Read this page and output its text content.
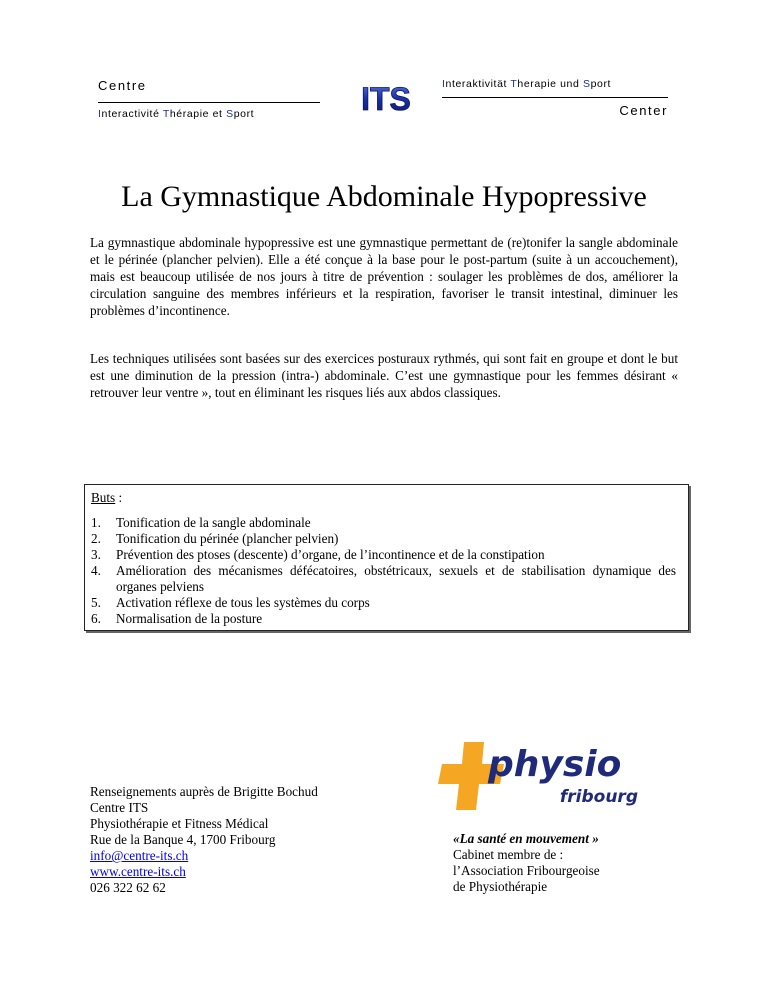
Centre
Interactivité Thérapie et Sport	ITS	Interaktivität Therapie und Sport
Center
La Gymnastique Abdominale Hypopressive
La gymnastique abdominale hypopressive est une gymnastique permettant de (re)tonifer la sangle abdominale et le périnée (plancher pelvien). Elle a été conçue à la base pour le post-partum (suite à un accouchement), mais est beaucoup utilisée de nos jours à titre de prévention : soulager les problèmes de dos, améliorer la circulation sanguine des membres inférieurs et la respiration, favoriser le transit intestinal, diminuer les problèmes d’incontinence.
Les techniques utilisées sont basées sur des exercices posturaux rythmés, qui sont fait en groupe et dont le but est une diminution de la pression (intra-) abdominale. C’est une gymnastique pour les femmes désirant « retrouver leur ventre », tout en éliminant les risques liés aux abdos classiques.
Buts :
1. Tonification de la sangle abdominale
2. Tonification du périnée (plancher pelvien)
3. Prévention des ptoses (descente) d’organe, de l’incontinence et de la constipation
4. Amélioration des mécanismes défécatoires, obstétricaux, sexuels et de stabilisation dynamique des organes pelviens
5. Activation réflexe de tous les systèmes du corps
6. Normalisation de la posture
physio
fribourg
Renseignements auprès de Brigitte Bochud
Centre ITS
Physiothérapie et Fitness Médical
Rue de la Banque 4, 1700 Fribourg
info@centre-its.ch
www.centre-its.ch
026 322 62 62
«La santé en mouvement »
Cabinet membre de :
l’Association Fribourgeoise
de Physiothérapie
